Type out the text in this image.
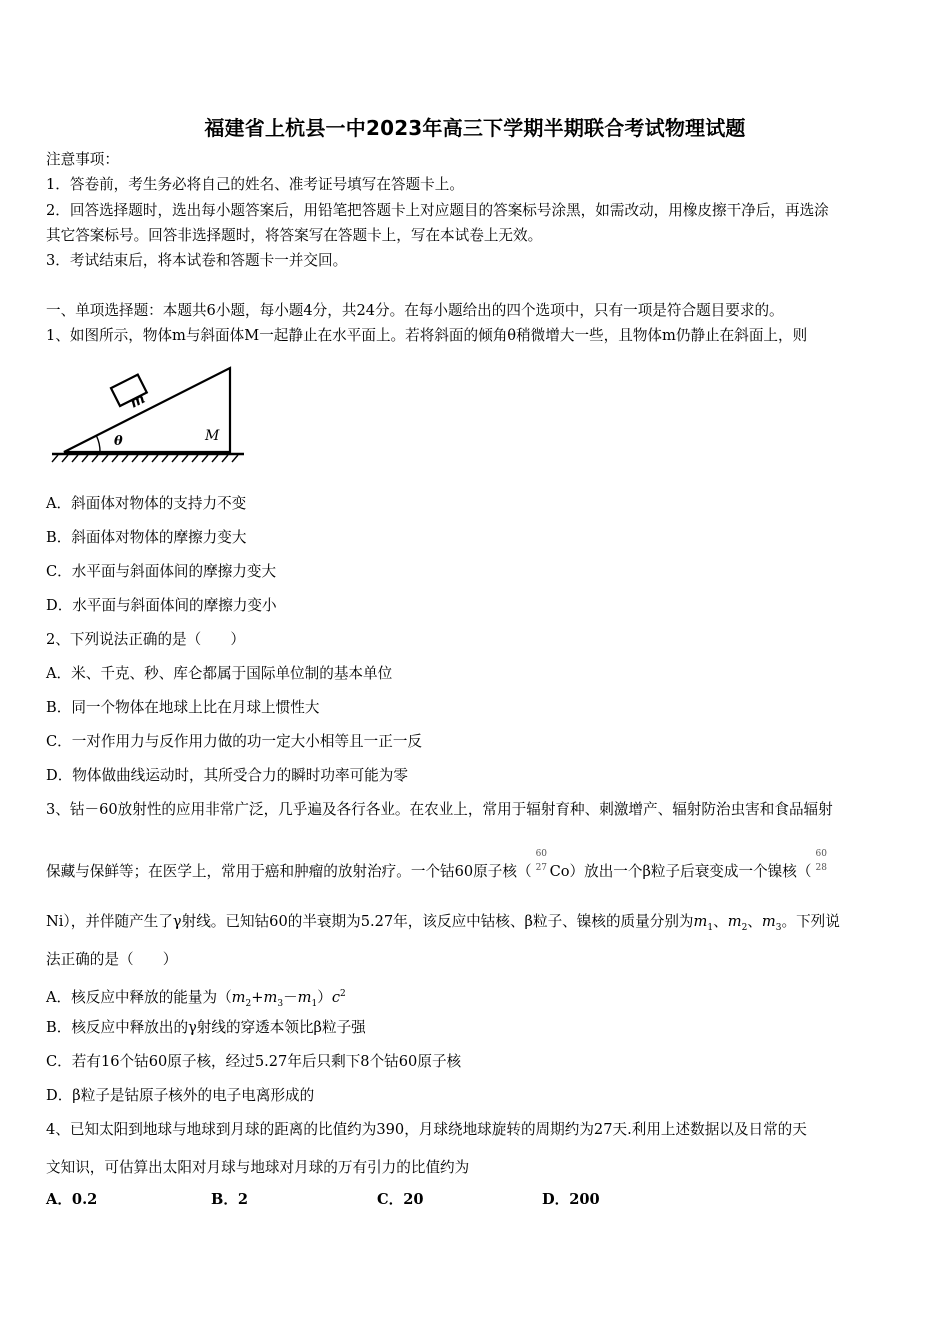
福建省上杭县一中2023年高三下学期半期联合考试物理试题
注意事项：
1．答卷前，考生务必将自己的姓名、准考证号填写在答题卡上。
2．回答选择题时，选出每小题答案后，用铅笔把答题卡上对应题目的答案标号涂黑，如需改动，用橡皮擦干净后，再选涂
其它答案标号。回答非选择题时，将答案写在答题卡上，写在本试卷上无效。
3．考试结束后，将本试卷和答题卡一并交回。
一、单项选择题：本题共6小题，每小题4分，共24分。在每小题给出的四个选项中，只有一项是符合题目要求的。
1、如图所示，物体m与斜面体M一起静止在水平面上。若将斜面的倾角θ稍微增大一些，且物体m仍静止在斜面上，则
m
θ	M
A．斜面体对物体的支持力不变
B．斜面体对物体的摩擦力变大
C．水平面与斜面体间的摩擦力变大
D．水平面与斜面体间的摩擦力变小
2、下列说法正确的是（　　）
A．米、千克、秒、库仑都属于国际单位制的基本单位
B．同一个物体在地球上比在月球上惯性大
C．一对作用力与反作用力做的功一定大小相等且一正一反
D．物体做曲线运动时，其所受合力的瞬时功率可能为零
3、钴－60放射性的应用非常广泛，几乎遍及各行各业。在农业上，常用于辐射育种、刺激增产、辐射防治虫害和食品辐射
保藏与保鲜等；在医学上，常用于癌和肿瘤的放射治疗。一个钴60原子核（
60
27 Co）放出一个β粒子后衰变成一个镍核（
60
28
Ni），并伴随产生了γ射线。已知钴60的半衰期为5.27年，该反应中钴核、β粒子、镍核的质量分别为$m_1$、$m_2$、$m_3$。下列说
法正确的是（　　）
A．核反应中释放的能量为$(m_2+m_3-m_1)c^2$
B．核反应中释放出的γ射线的穿透本领比β粒子强
C．若有16个钴60原子核，经过5.27年后只剩下8个钴60原子核
D．β粒子是钴原子核外的电子电离形成的
4、已知太阳到地球与地球到月球的距离的比值约为390，月球绕地球旋转的周期约为27天.利用上述数据以及日常的天
文知识，可估算出太阳对月球与地球对月球的万有引力的比值约为
A．0.2	B．2	C．20	D．200
